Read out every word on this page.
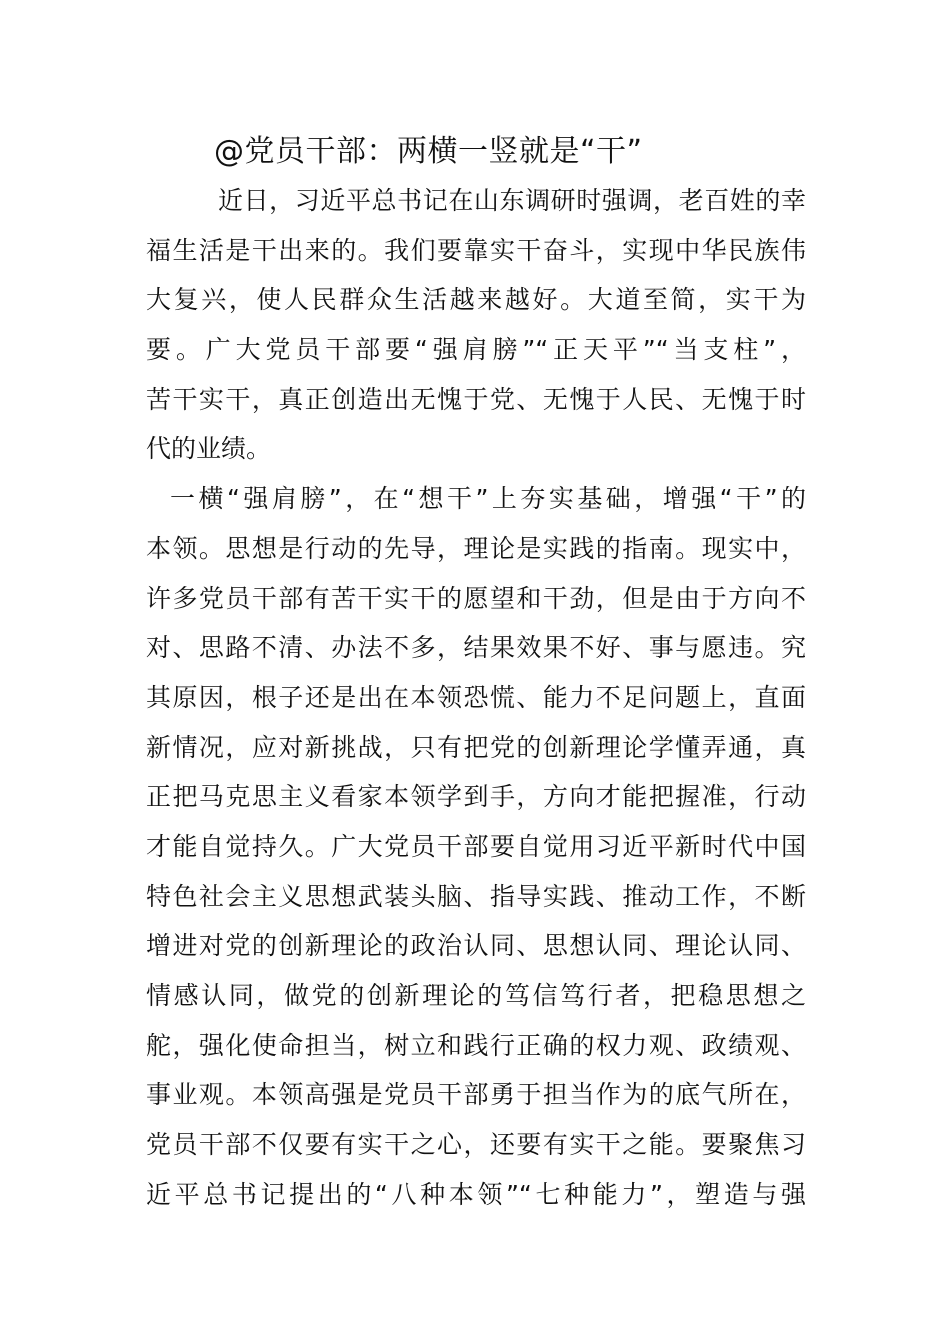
@党员干部：两横一竖就是“干”
近日，习近平总书记在山东调研时强调，老百姓的幸
福生活是干出来的。我们要靠实干奋斗，实现中华民族伟
大复兴，使人民群众生活越来越好。大道至简，实干为
要。广大党员干部要“强肩膀”“正天平”“当支柱”，
苦干实干，真正创造出无愧于党、无愧于人民、无愧于时
代的业绩。
一横“强肩膀”，在“想干”上夯实基础，增强“干”的
本领。思想是行动的先导，理论是实践的指南。现实中，
许多党员干部有苦干实干的愿望和干劲，但是由于方向不
对、思路不清、办法不多，结果效果不好、事与愿违。究
其原因，根子还是出在本领恐慌、能力不足问题上，直面
新情况，应对新挑战，只有把党的创新理论学懂弄通，真
正把马克思主义看家本领学到手，方向才能把握准，行动
才能自觉持久。广大党员干部要自觉用习近平新时代中国
特色社会主义思想武装头脑、指导实践、推动工作，不断
增进对党的创新理论的政治认同、思想认同、理论认同、
情感认同，做党的创新理论的笃信笃行者，把稳思想之
舵，强化使命担当，树立和践行正确的权力观、政绩观、
事业观。本领高强是党员干部勇于担当作为的底气所在，
党员干部不仅要有实干之心，还要有实干之能。要聚焦习
近平总书记提出的“八种本领”“七种能力”，塑造与强
